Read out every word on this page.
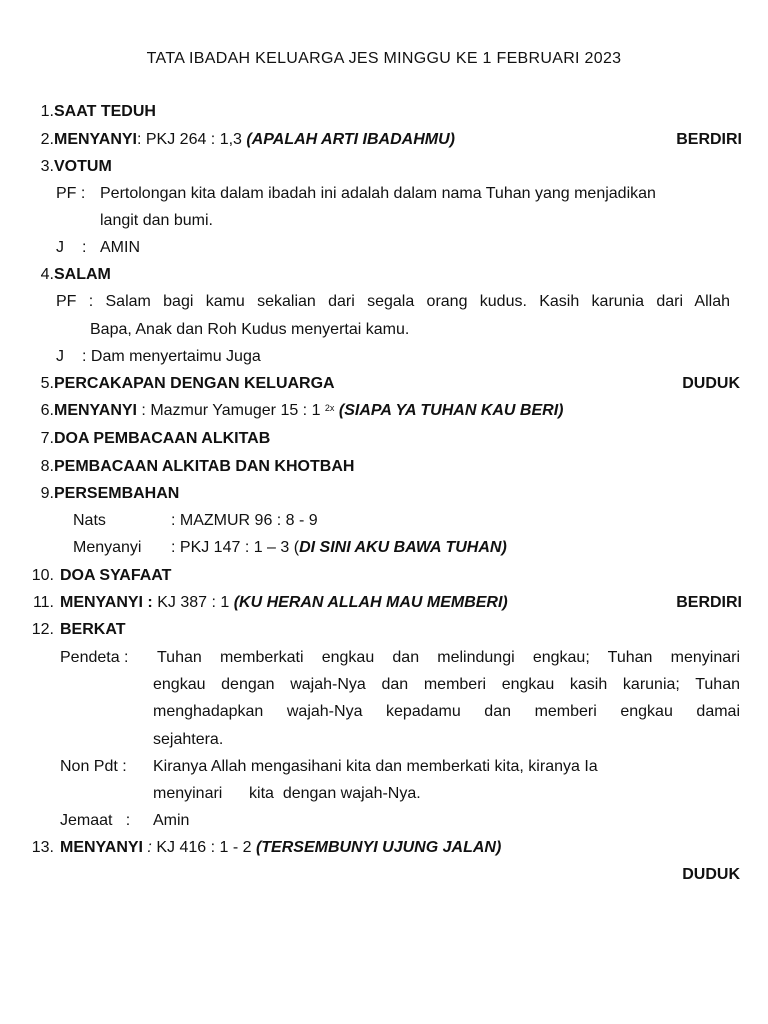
TATA IBADAH KELUARGA JES MINGGU KE 1 FEBRUARI 2023
1.SAAT TEDUH
2.MENYANYI: PKJ 264 : 1,3 (APALAH ARTI IBADAHMU)	BERDIRI
3.VOTUM
PF : Pertolongan kita dalam ibadah ini adalah dalam nama Tuhan yang menjadikan
langit dan bumi.
J : AMIN
4.SALAM
PF : Salam bagi kamu sekalian dari segala orang kudus. Kasih karunia dari Allah
Bapa, Anak dan Roh Kudus menyertai kamu.
J : Dam menyertaimu Juga
5.PERCAKAPAN DENGAN KELUARGA	DUDUK
6.MENYANYI : Mazmur Yamuger 15 : 1 $^{2x}$ (SIAPA YA TUHAN KAU BERI)
7.DOA PEMBACAAN ALKITAB
8.PEMBACAAN ALKITAB DAN KHOTBAH
9.PERSEMBAHAN
Nats	: MAZMUR 96 : 8 - 9
Menyanyi : PKJ 147 : 1 – 3 (DI SINI AKU BAWA TUHAN)
10. DOA SYAFAAT
11. MENYANYI : KJ 387 : 1 (KU HERAN ALLAH MAU MEMBERI)	BERDIRI
12. BERKAT
Pendeta : Tuhan memberkati engkau dan melindungi engkau; Tuhan menyinari
engkau dengan wajah-Nya dan memberi engkau kasih karunia; Tuhan
menghadapkan wajah-Nya kepadamu dan memberi engkau damai
sejahtera.
Non Pdt : Kiranya Allah mengasihani kita dan memberkati kita, kiranya Ia
menyinari      kita  dengan wajah-Nya.
Jemaat   : Amin
13. MENYANYI : KJ 416 : 1 - 2 (TERSEMBUNYI UJUNG JALAN)
DUDUK
